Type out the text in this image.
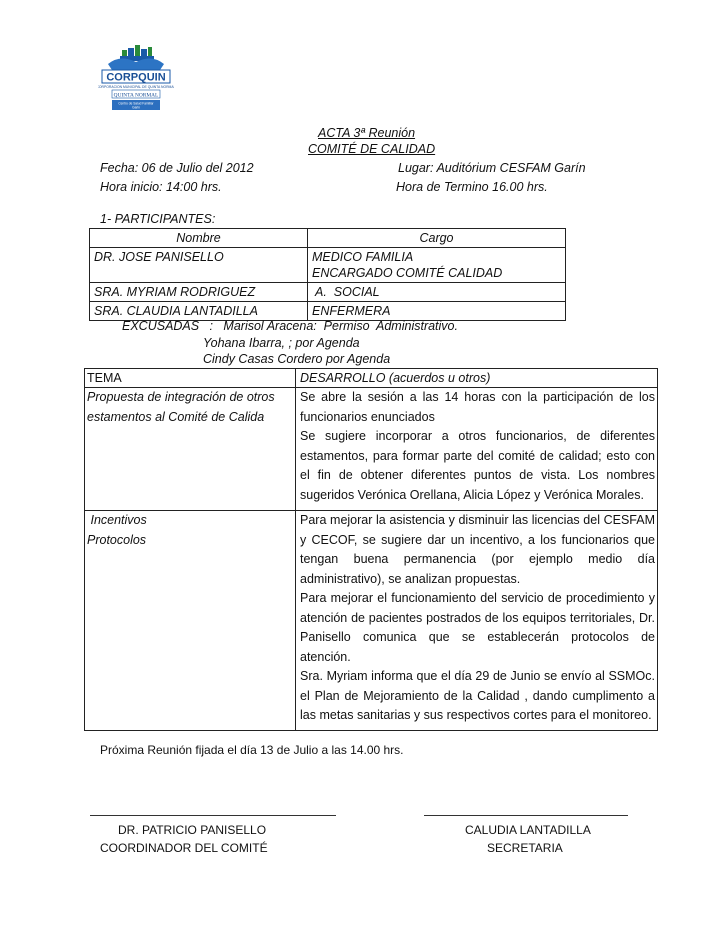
CORPQUIN
CORPORACION MUNICIPAL DE QUINTA NORMAL
QUINTA NORMAL
Centro de Salud Familiar
Garin
ACTA 3ª Reunión
COMITÉ DE CALIDAD
Fecha: 06 de Julio del 2012	Lugar: Auditórium CESFAM Garín
Hora inicio: 14:00 hrs.	Hora de Termino 16.00 hrs.
1- PARTICIPANTES:
Nombre	Cargo
DR. JOSE PANISELLO	MEDICO FAMILIA
ENCARGADO COMITÉ CALIDAD

SRA. MYRIAM RODRIGUEZ	A.  SOCIAL
SRA. CLAUDIA LANTADILLA	ENFERMERA
EXCUSADAS   :   Marisol Aracena:  Permiso  Administrativo.
Yohana Ibarra, ; por Agenda
Cindy Casas Cordero por Agenda
TEMA	DESARROLLO (acuerdos u otros)

Propuesta de integración de otros
estamentos al Comité de Calida	Se abre la sesión a las 14 horas con la participación de los funcionarios enunciados
Se sugiere incorporar a otros funcionarios, de diferentes estamentos, para formar parte del comité de calidad; esto con el fin de obtener diferentes puntos de vista. Los nombres sugeridos Verónica Orellana, Alicia López y Verónica Morales.

Incentivos
Protocolos	Para mejorar la asistencia y disminuir las licencias del CESFAM y CECOF, se sugiere dar un incentivo, a los funcionarios que tengan buena permanencia (por ejemplo medio día administrativo), se analizan propuestas.
Para mejorar el funcionamiento del servicio de procedimiento y atención de pacientes postrados de los equipos territoriales, Dr. Panisello comunica que se establecerán protocolos de atención.
Sra. Myriam informa que el día 29 de Junio se envío al SSMOc. el Plan de Mejoramiento de la Calidad , dando cumplimento a las metas sanitarias y sus respectivos cortes para el monitoreo.
Próxima Reunión fijada el día 13 de Julio a las 14.00 hrs.
DR. PATRICIO PANISELLO
COORDINADOR DEL COMITÉ
CALUDIA LANTADILLA
SECRETARIA
